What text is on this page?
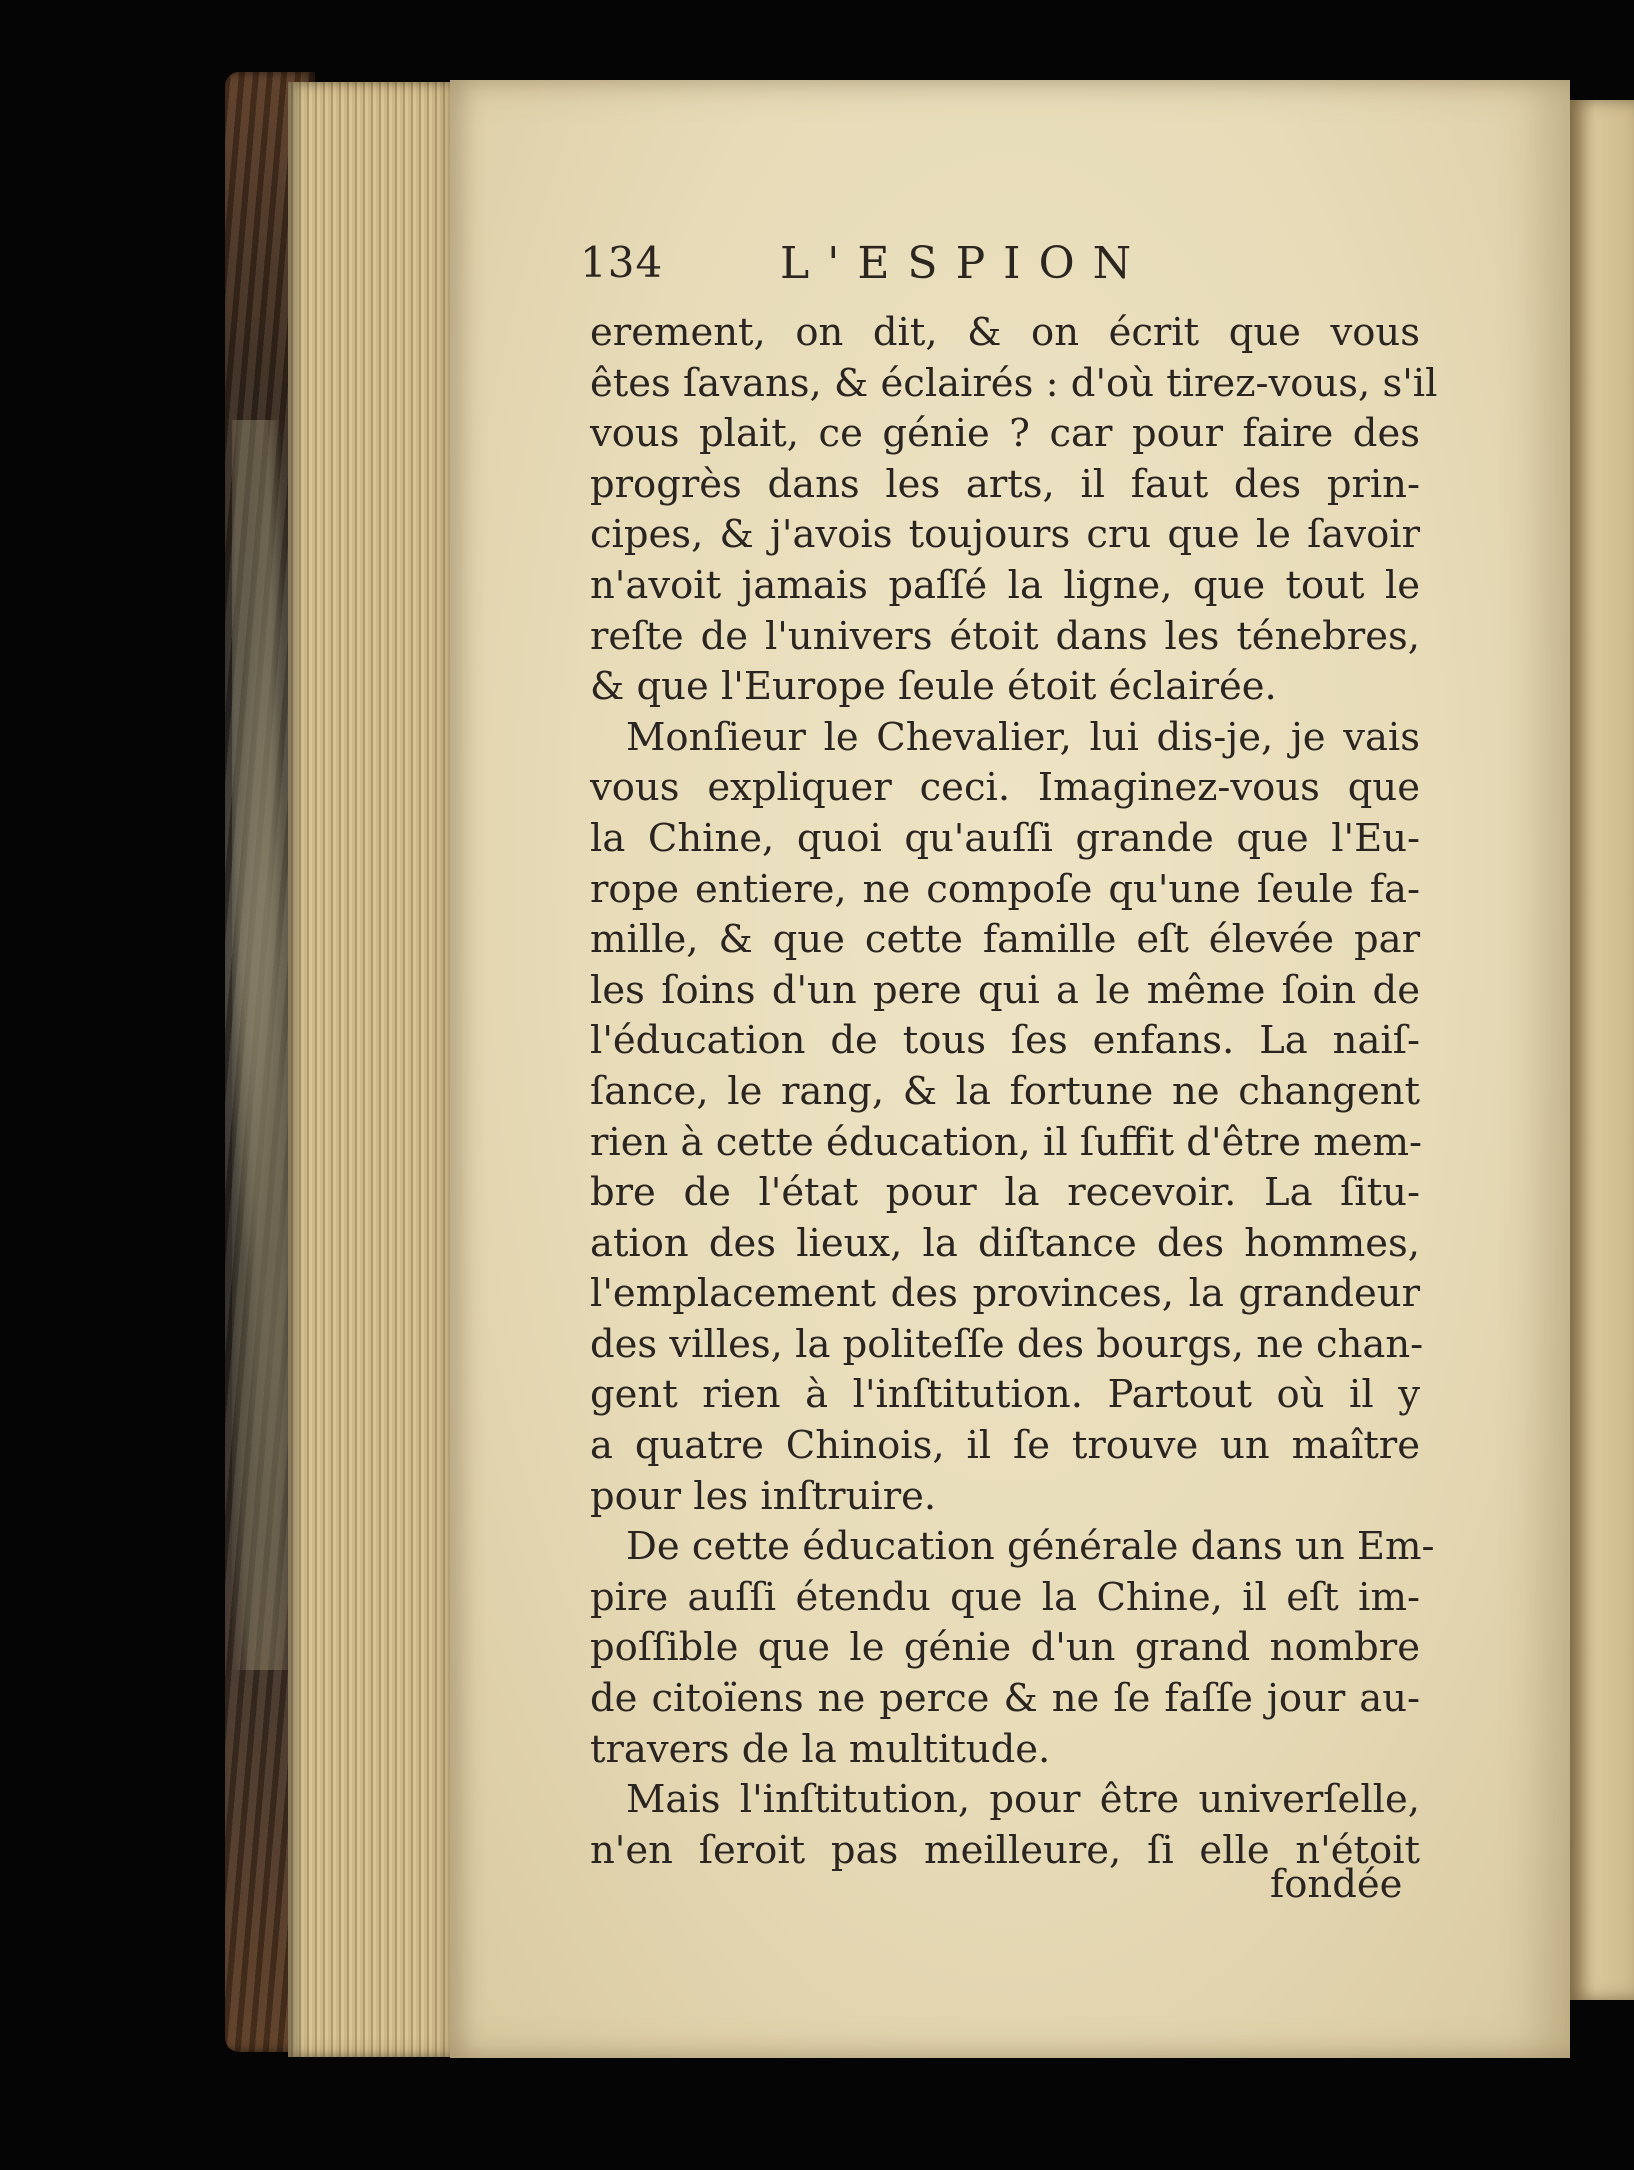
134	L'ESPION
erement, on dit, & on écrit que vous
êtes ſavans, & éclairés : d'où tirez-vous, s'il
vous plait, ce génie ? car pour faire des
progrès dans les arts, il faut des prin-
cipes, & j'avois toujours cru que le ſavoir
n'avoit jamais paſſé la ligne, que tout le
reſte de l'univers étoit dans les ténebres,
& que l'Europe ſeule étoit éclairée.
Monſieur le Chevalier, lui dis-je, je vais
vous expliquer ceci. Imaginez-vous que
la Chine, quoi qu'auſſi grande que l'Eu-
rope entiere, ne compoſe qu'une ſeule fa-
mille, & que cette famille eſt élevée par
les ſoins d'un pere qui a le même ſoin de
l'éducation de tous ſes enfans. La naiſ-
ſance, le rang, & la fortune ne changent
rien à cette éducation, il ſuffit d'être mem-
bre de l'état pour la recevoir. La ſitu-
ation des lieux, la diſtance des hommes,
l'emplacement des provinces, la grandeur
des villes, la politeſſe des bourgs, ne chan-
gent rien à l'inſtitution. Partout où il y
a quatre Chinois, il ſe trouve un maître
pour les inſtruire.
De cette éducation générale dans un Em-
pire auſſi étendu que la Chine, il eſt im-
poſſible que le génie d'un grand nombre
de citoïens ne perce & ne ſe faſſe jour au-
travers de la multitude.
Mais l'inſtitution, pour être univerſelle,
n'en ſeroit pas meilleure, ſi elle n'étoit
fondée
